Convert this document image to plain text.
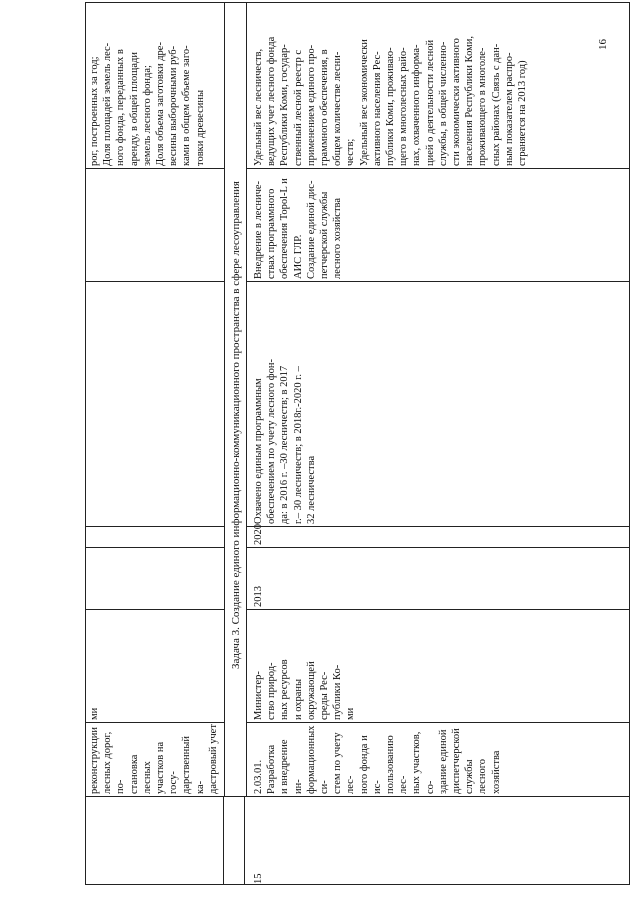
реконструкции
лесных дорог, по-
становка лесных
участков на госу-
дарственный ка-
дастровый учет
ми
рог, построенных за год;
Доля площадей земель лес-
ного фонда, переданных в
аренду, в общей площади
земель лесного фонда;
Доля объема заготовки дре-
весины выборочными руб-
ками в общем объеме заго-
товки древесины
Задача 3. Создание единого информационно-коммуникационного пространства в сфере лесоуправления
15
2.03.01. Разработка
и внедрение ин-
формационных си-
стем по учету лес-
ного фонда и ис-
пользованию лес-
ных участков, со-
здание единой
диспетчерской
службы лесного
хозяйства
Министер-
ство природ-
ных ресурсов
и охраны
окружающей
среды Рес-
публики Ко-
ми
2013
2020
Охвачено единым программным
обеспечением по учету лесного фон-
да: в 2016 г. –30 лесничеств; в 2017
г.– 30 лесничеств; в 2018г.-2020 г. –
32 лесничества
Внедрение в лесниче-
ствах программного
обеспечения Topol-L и
АИС ГЛР.
Создание единой дис-
петчерской службы
лесного хозяйства
Удельный вес лесничеств,
ведущих учет лесного фонда
Республики Коми, государ-
ственный лесной реестр с
применением единого про-
граммного обеспечения, в
общем количестве лесни-
честв;
Удельный вес экономически
активного населения Рес-
публики Коми, проживаю-
щего в многолесных райо-
нах, охваченного информа-
цией о деятельности лесной
службы, в общей численно-
сти экономически активного
населения Республики Коми,
проживающего в многоле-
сных районах (Связь с дан-
ным показателем распро-
страняется на 2013 год)
16
